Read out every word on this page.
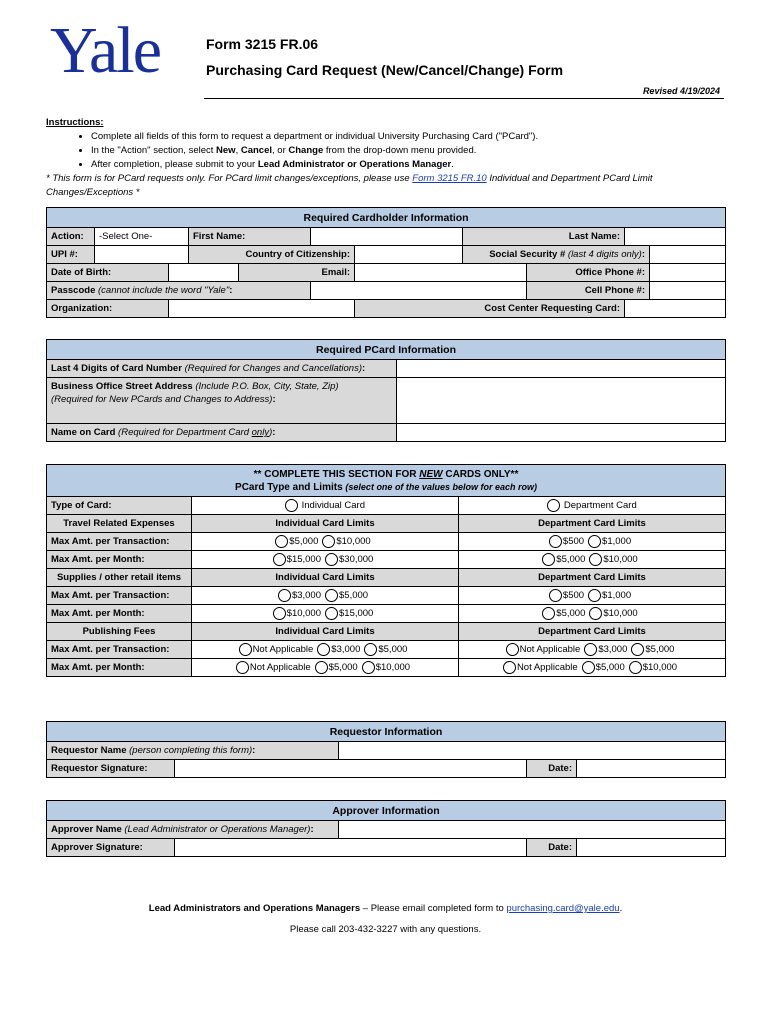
Yale	Form 3215 FR.06
Purchasing Card Request (New/Cancel/Change) Form
Revised 4/19/2024
Instructions:
• Complete all fields of this form to request a department or individual University Purchasing Card ("PCard").
• In the "Action" section, select New, Cancel, or Change from the drop-down menu provided.
• After completion, please submit to your Lead Administrator or Operations Manager.
* This form is for PCard requests only. For PCard limit changes/exceptions, please use Form 3215 FR.10 Individual and Department PCard Limit Changes/Exceptions *
Required Cardholder Information										
Action:	-Select One-		First Name:				Last Name:			
UPI #:			Country of Citizenship:				Social Security # (last 4 digits only):			
Date of Birth:				Email:				Office Phone #:		
Passcode (cannot include the word "Yale":								Cell Phone #:		
Organization:						Cost Center Requesting Card:				
Required PCard Information	
Last 4 Digits of Card Number (Required for Changes and Cancellations):	
Business Office Street Address (Include P.O. Box, City, State, Zip)
(Required for New PCards and Changes to Address):	
Name on Card (Required for Department Card only):	
** COMPLETE THIS SECTION FOR NEW CARDS ONLY**
PCard Type and Limits (select one of the values below for each row)		
Type of Card:	Individual Card	Department Card
Travel Related Expenses	Individual Card Limits	Department Card Limits
Max Amt. per Transaction:	$5,000 $10,000	$500 $1,000
Max Amt. per Month:	$15,000 $30,000	$5,000 $10,000
Supplies / other retail items	Individual Card Limits	Department Card Limits
Max Amt. per Transaction:	$3,000 $5,000	$500 $1,000
Max Amt. per Month:	$10,000 $15,000	$5,000 $10,000
Publishing Fees	Individual Card Limits	Department Card Limits
Max Amt. per Transaction:	Not Applicable $3,000 $5,000	Not Applicable $3,000 $5,000
Max Amt. per Month:	Not Applicable $5,000 $10,000	Not Applicable $5,000 $10,000
Requestor Information				
Requestor Name (person completing this form):				
Requestor Signature:			Date:	
Approver Information				
Approver Name (Lead Administrator or Operations Manager):				
Approver Signature:			Date:	
Lead Administrators and Operations Managers – Please email completed form to purchasing.card@yale.edu.
Please call 203-432-3227 with any questions.
